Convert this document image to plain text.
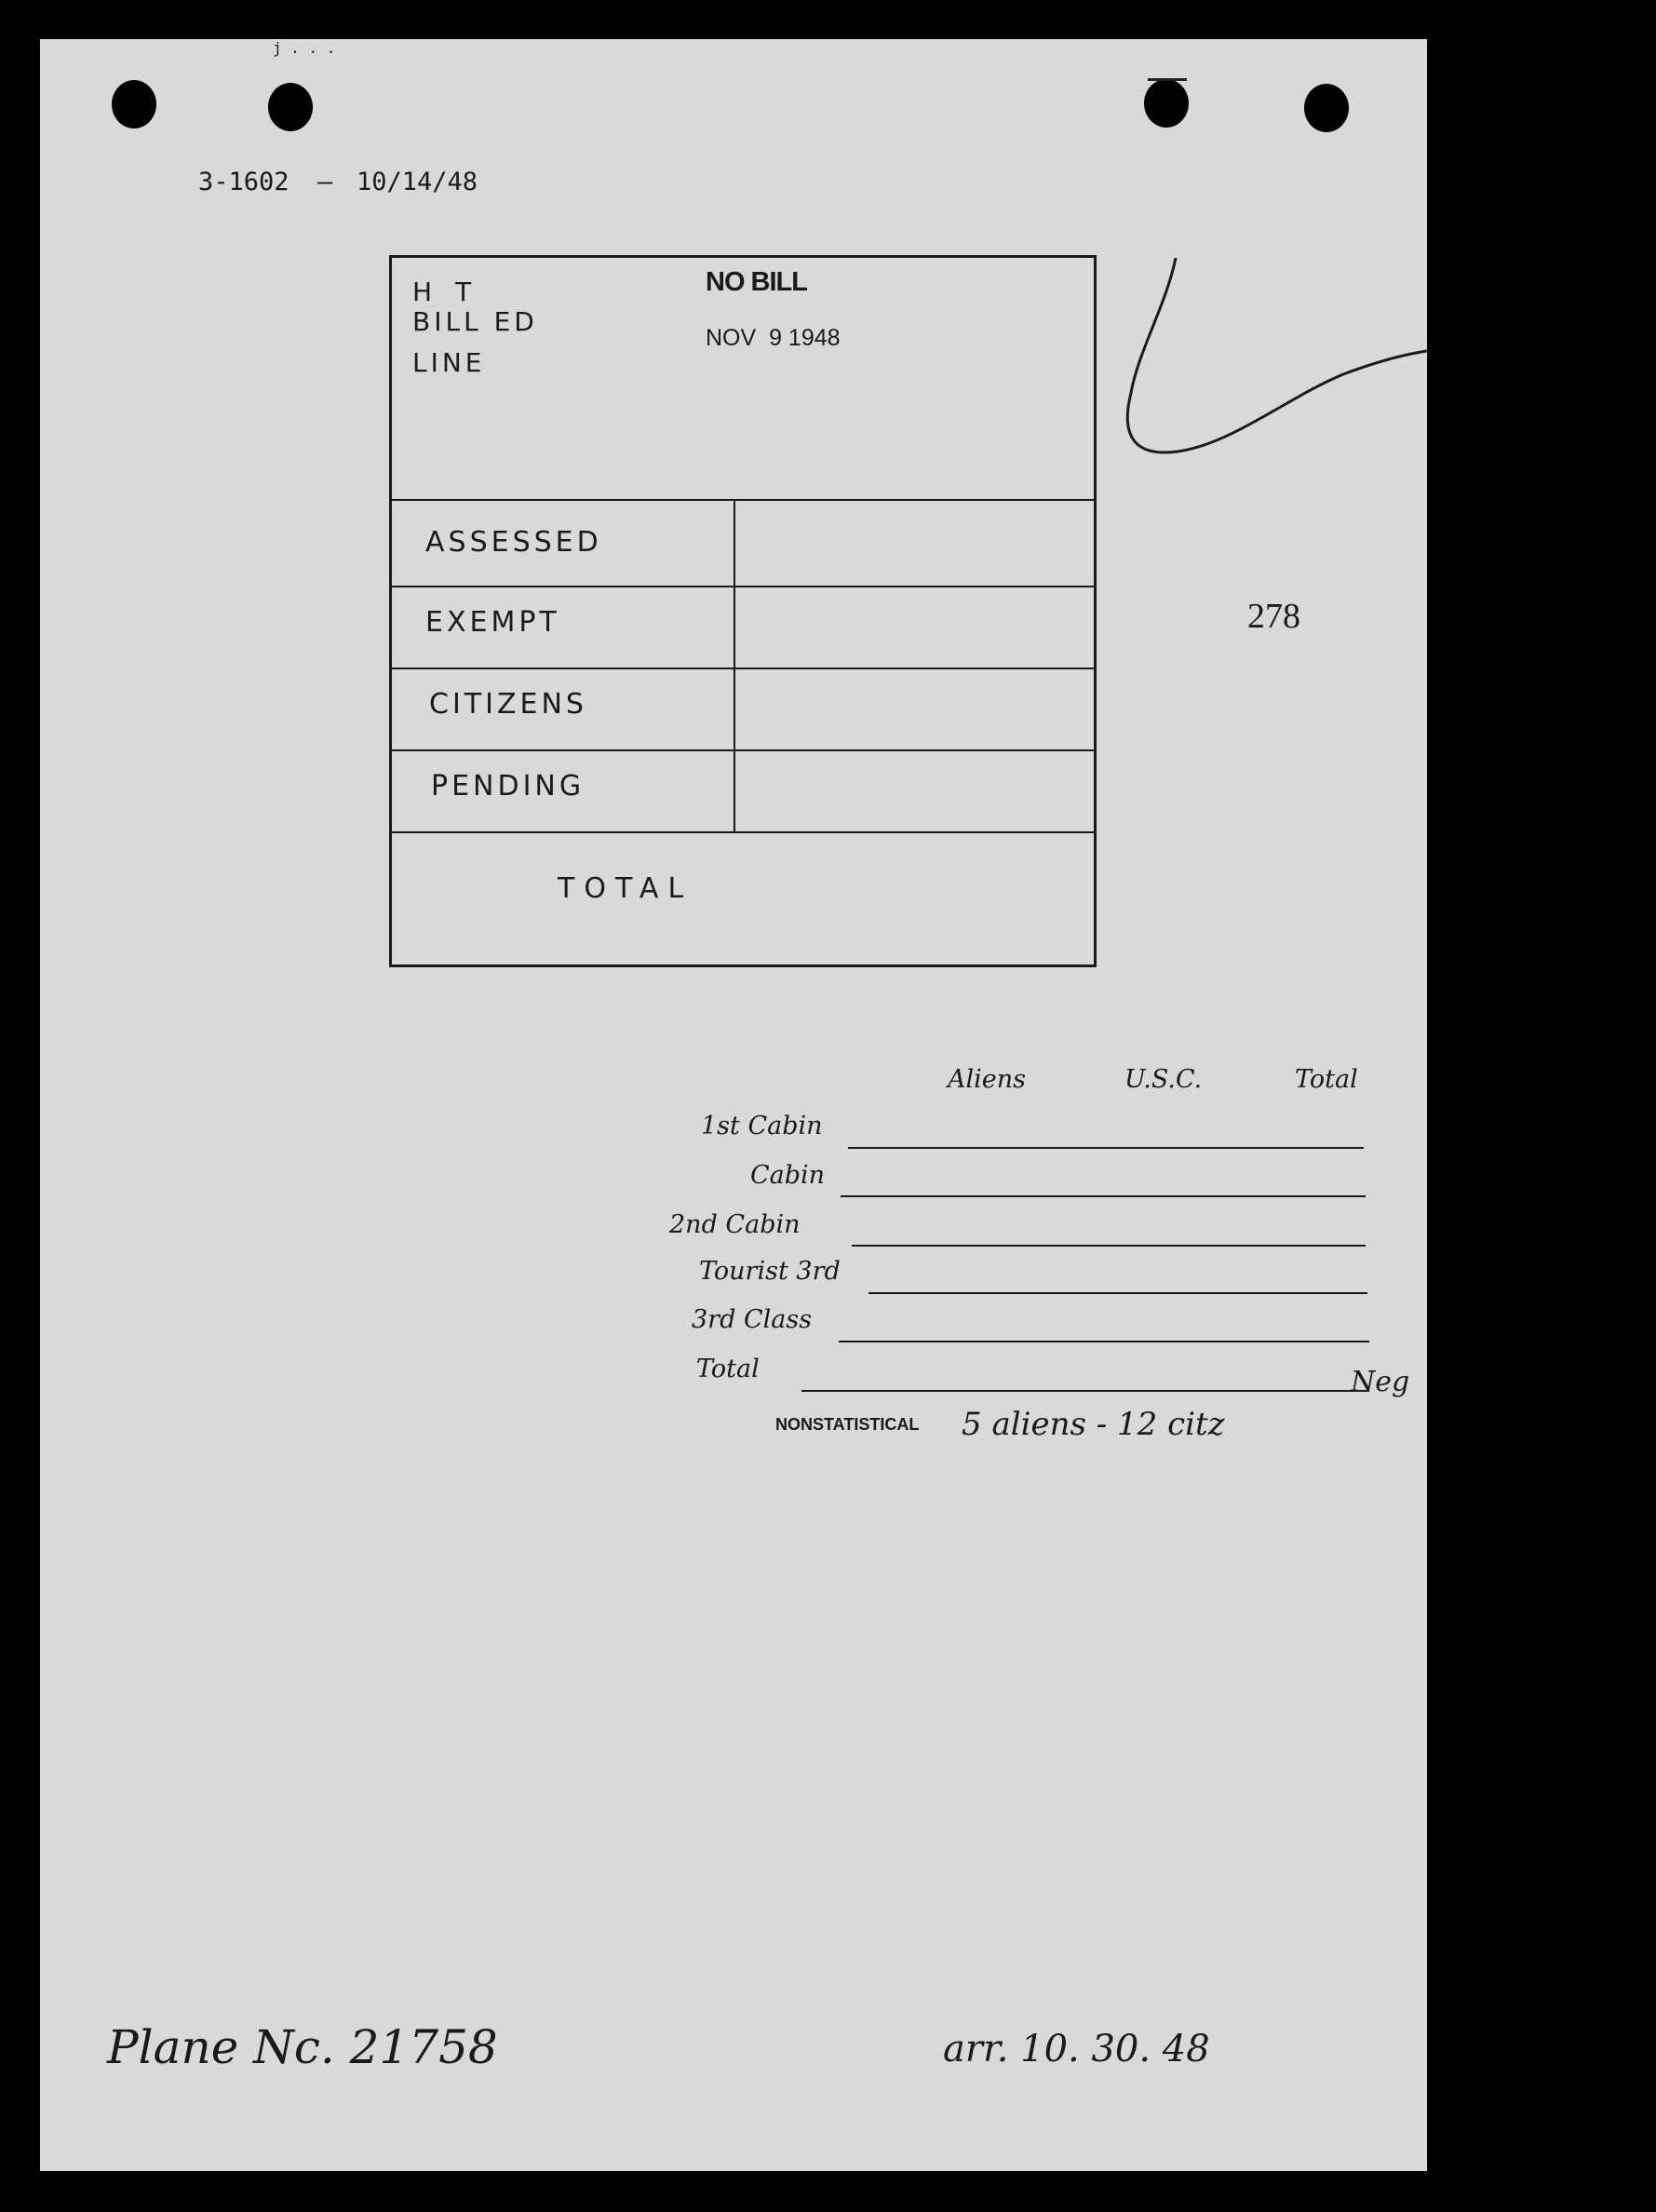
j . . .
3-1602 — 10/14/48
H T
BILL ED
LINE
NO BILL
NOV  9 1948
ASSESSED
EXEMPT
CITIZENS
PENDING
TOTAL
278
Aliens	U.S.C.	Total
1st Cabin
Cabin
2nd Cabin
Tourist 3rd
3rd Class
Total	Neg
NONSTATISTICAL 5 aliens - 12 citz
Plane Nc. 21758	arr. 10. 30. 48
